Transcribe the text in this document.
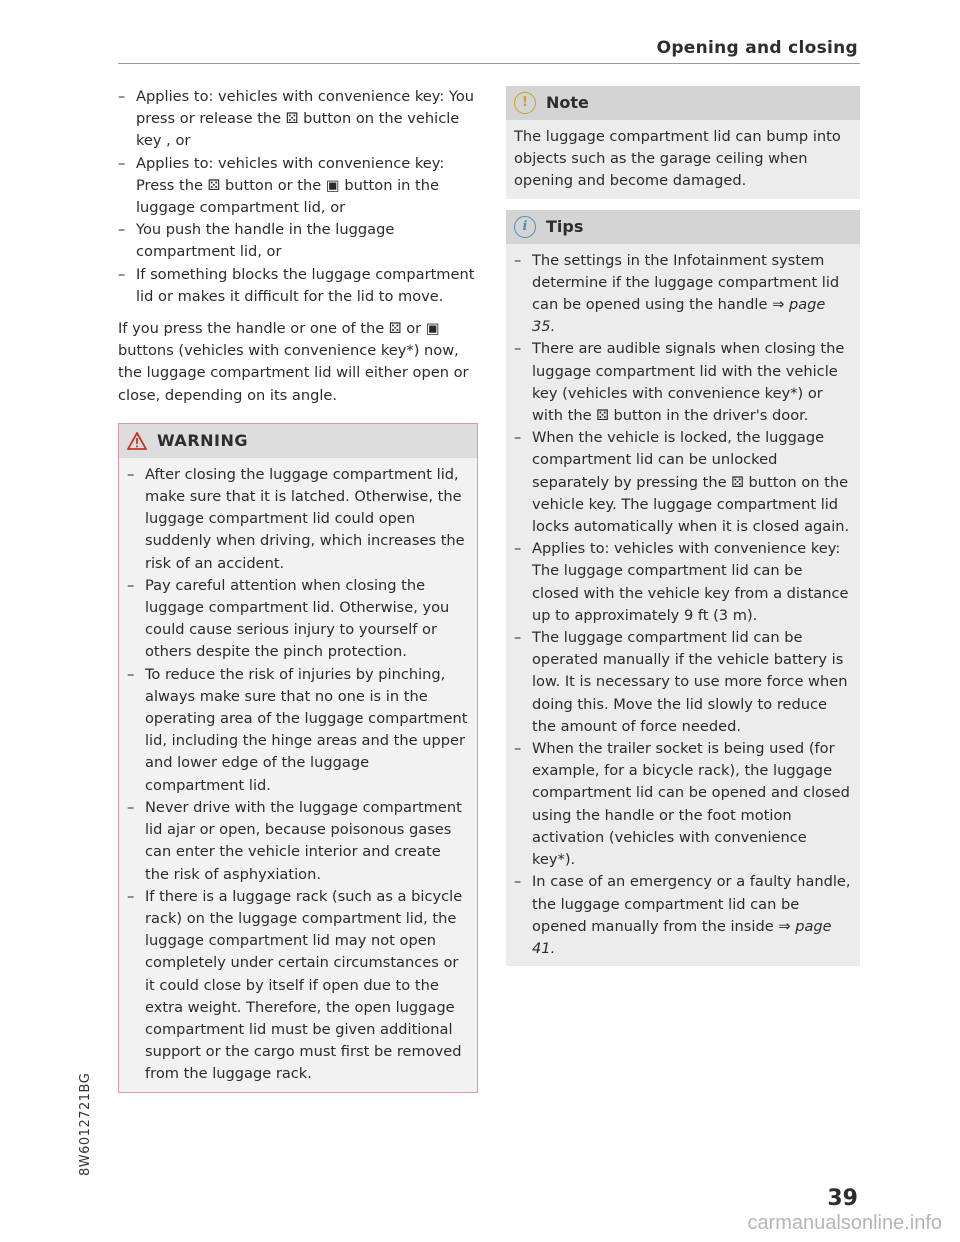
Opening and closing
– Applies to: vehicles with convenience key: You press or release the ⚄ button on the vehicle key , or
– Applies to: vehicles with convenience key: Press the ⚄ button or the ▣ button in the luggage compartment lid, or
– You push the handle in the luggage compartment lid, or
– If something blocks the luggage compartment lid or makes it difficult for the lid to move.

If you press the handle or one of the ⚄ or ▣ buttons (vehicles with convenience key*) now, the luggage compartment lid will either open or close, depending on its angle.

WARNING
– After closing the luggage compartment lid, make sure that it is latched. Otherwise, the luggage compartment lid could open suddenly when driving, which increases the risk of an accident.
– Pay careful attention when closing the luggage compartment lid. Otherwise, you could cause serious injury to yourself or others despite the pinch protection.
– To reduce the risk of injuries by pinching, always make sure that no one is in the operating area of the luggage compartment lid, including the hinge areas and the upper and lower edge of the luggage compartment lid.
– Never drive with the luggage compartment lid ajar or open, because poisonous gases can enter the vehicle interior and create the risk of asphyxiation.
– If there is a luggage rack (such as a bicycle rack) on the luggage compartment lid, the luggage compartment lid may not open completely under certain circumstances or it could close by itself if open due to the extra weight. Therefore, the open luggage compartment lid must be given additional support or the cargo must first be removed from the luggage rack.
!	Note

The luggage compartment lid can bump into objects such as the garage ceiling when opening and become damaged.

i	Tips
– The settings in the Infotainment system determine if the luggage compartment lid can be opened using the handle ⇒ page 35.
– There are audible signals when closing the luggage compartment lid with the vehicle key (vehicles with convenience key*) or with the ⚄ button in the driver's door.
– When the vehicle is locked, the luggage compartment lid can be unlocked separately by pressing the ⚄ button on the vehicle key. The luggage compartment lid locks automatically when it is closed again.
– Applies to: vehicles with convenience key: The luggage compartment lid can be closed with the vehicle key from a distance up to approximately 9 ft (3 m).
– The luggage compartment lid can be operated manually if the vehicle battery is low. It is necessary to use more force when doing this. Move the lid slowly to reduce the amount of force needed.
– When the trailer socket is being used (for example, for a bicycle rack), the luggage compartment lid can be opened and closed using the handle or the foot motion activation (vehicles with convenience key*).
– In case of an emergency or a faulty handle, the luggage compartment lid can be opened manually from the inside ⇒ page 41.
8W6012721BG
39
carmanualsonline.info
